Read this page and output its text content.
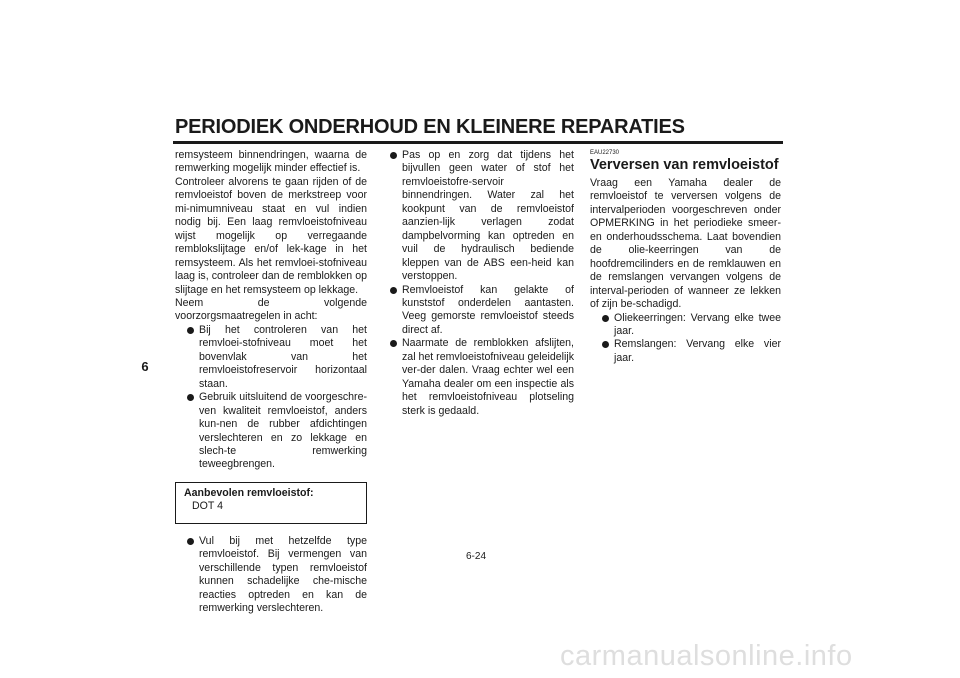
PERIODIEK ONDERHOUD EN KLEINERE REPARATIES
6

remsysteem binnendringen, waarna de remwerking mogelijk minder effectief is.

Controleer alvorens te gaan rijden of de remvloeistof boven de merkstreep voor mi-nimumniveau staat en vul indien nodig bij. Een laag remvloeistofniveau wijst mogelijk op verregaande remblokslijtage en/of lek-kage in het remsysteem. Als het remvloei-stofniveau laag is, controleer dan de remblokken op slijtage en het remsysteem op lekkage.

Neem de volgende voorzorgsmaatregelen in acht:

Bij het controleren van het remvloei-stofniveau moet het bovenvlak van het remvloeistofreservoir horizontaal staan.
Gebruik uitsluitend de voorgeschre-ven kwaliteit remvloeistof, anders kun-nen de rubber afdichtingen verslechteren en zo lekkage en slech-te remwerking teweegbrengen.
Aanbevolen remvloeistof:
DOT 4
Vul bij met hetzelfde type remvloeistof. Bij vermengen van verschillende typen remvloeistof kunnen schadelijke che-mische reacties optreden en kan de remwerking verslechteren.
Pas op en zorg dat tijdens het bijvullen geen water of stof het remvloeistofre-servoir binnendringen. Water zal het kookpunt van de remvloeistof aanzien-lijk verlagen zodat dampbelvorming kan optreden en vuil de hydraulisch bediende kleppen van de ABS een-heid kan verstoppen.
Remvloeistof kan gelakte of kunststof onderdelen aantasten. Veeg gemorste remvloeistof steeds direct af.
Naarmate de remblokken afslijten, zal het remvloeistofniveau geleidelijk ver-der dalen. Vraag echter wel een Yamaha dealer om een inspectie als het remvloeistofniveau plotseling sterk is gedaald.

EAU22730

Verversen van remvloeistof

Vraag een Yamaha dealer de remvloeistof te verversen volgens de intervalperioden voorgeschreven onder OPMERKING in het periodieke smeer- en onderhoudsschema. Laat bovendien de olie-keerringen van de hoofdremcilinders en de remklauwen en de remslangen vervangen volgens de interval-perioden of wanneer ze lekken of zijn be-schadigd.

Oliekeerringen: Vervang elke twee jaar.
Remslangen: Vervang elke vier jaar.
6-24
carmanualsonline.info
